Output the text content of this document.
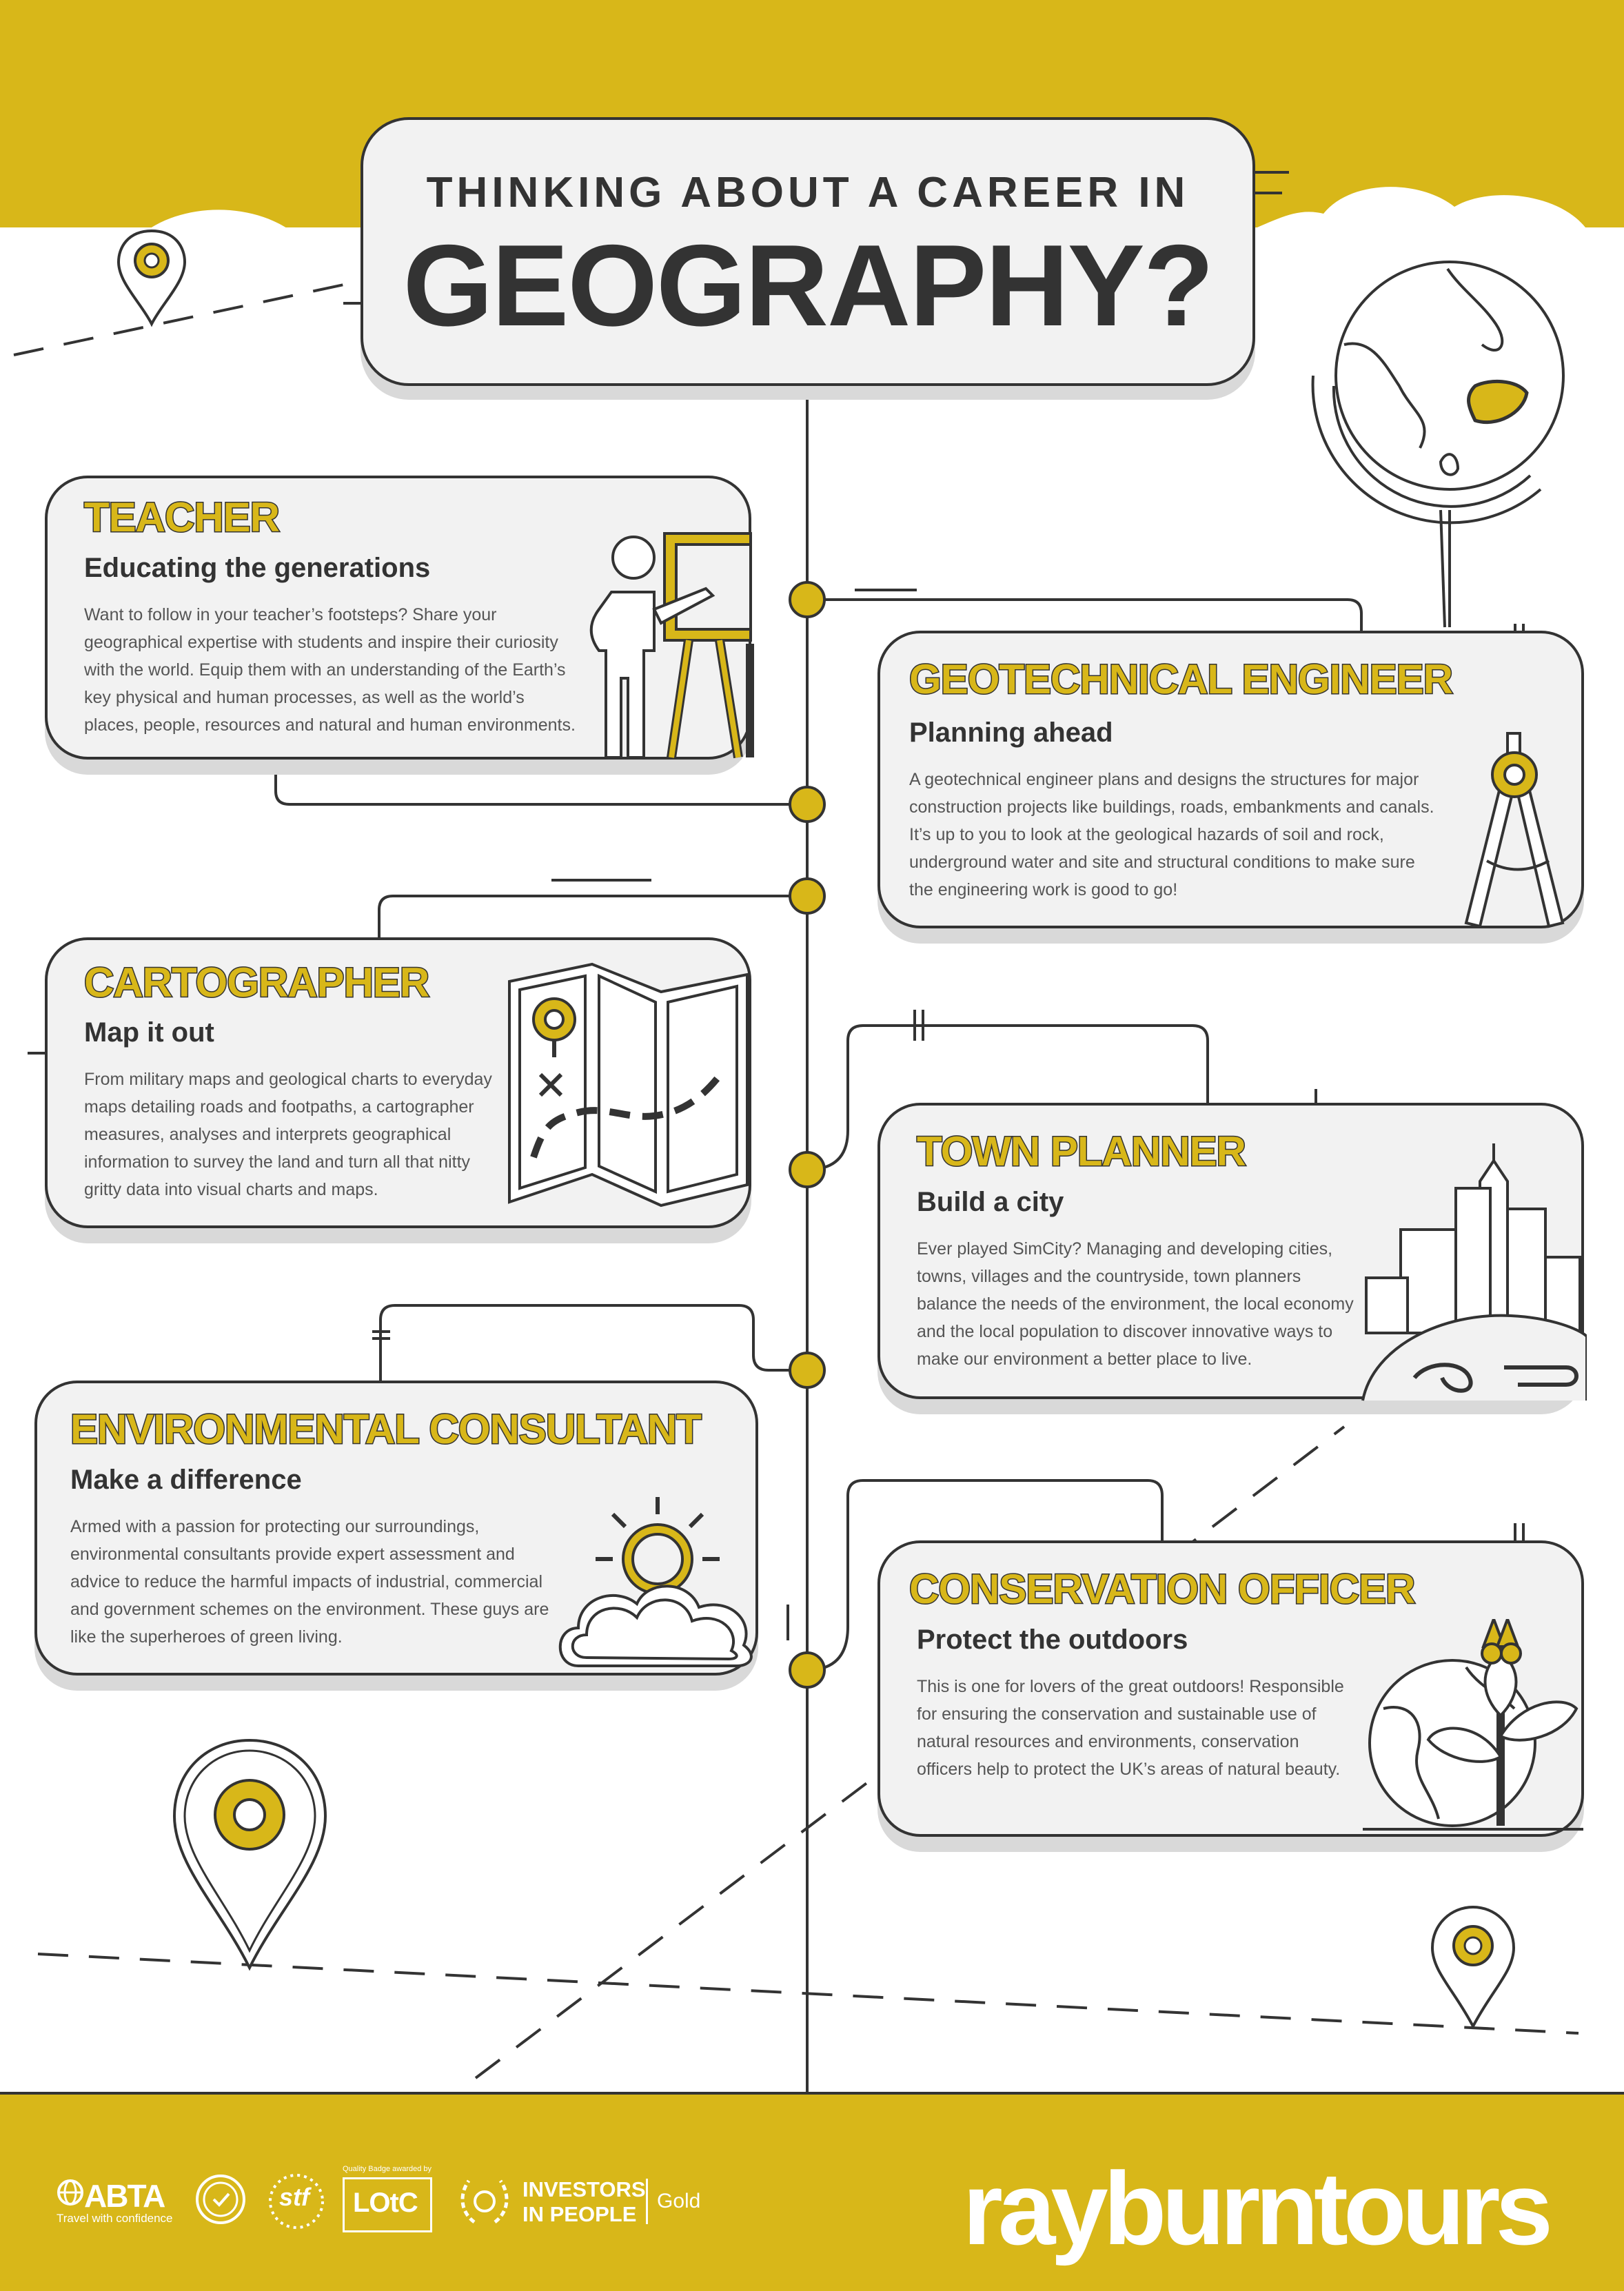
THINKING ABOUT A CAREER IN

GEOGRAPHY?

TEACHER

Educating the generations

Want to follow in your teacher’s footsteps? Share your geographical expertise with students and inspire their curiosity with the world. Equip them with an understanding of the Earth’s key physical and human processes, as well as the world’s places, people, resources and natural and human environments.

GEOTECHNICAL ENGINEER

Planning ahead

A geotechnical engineer plans and designs the structures for major construction projects like buildings, roads, embankments and canals. It’s up to you to look at the geological hazards of soil and rock, underground water and site and structural conditions to make sure the engineering work is good to go!

CARTOGRAPHER

Map it out

From military maps and geological charts to everyday maps detailing roads and footpaths, a cartographer measures, analyses and interprets geographical information to survey the land and turn all that nitty gritty data into visual charts and maps.

TOWN PLANNER

Build a city

Ever played SimCity? Managing and developing cities, towns, villages and the countryside, town planners balance the needs of the environment, the local economy and the local population to discover innovative ways to make our environment a better place to live.

ENVIRONMENTAL CONSULTANT

Make a difference

Armed with a passion for protecting our surroundings, environmental consultants provide expert assessment and advice to reduce the harmful impacts of industrial, commercial and government schemes on the environment. These guys are like the superheroes of green living.

CONSERVATION OFFICER

Protect the outdoors

This is one for lovers of the great outdoors! Responsible for ensuring the conservation and sustainable use of natural resources and environments, conservation officers help to protect the UK’s areas of natural beauty.

ABTA
Travel with confidence
stf
Quality Badge awarded by
LOtC	INVESTORS
IN PEOPLE
Gold	rayburntours
